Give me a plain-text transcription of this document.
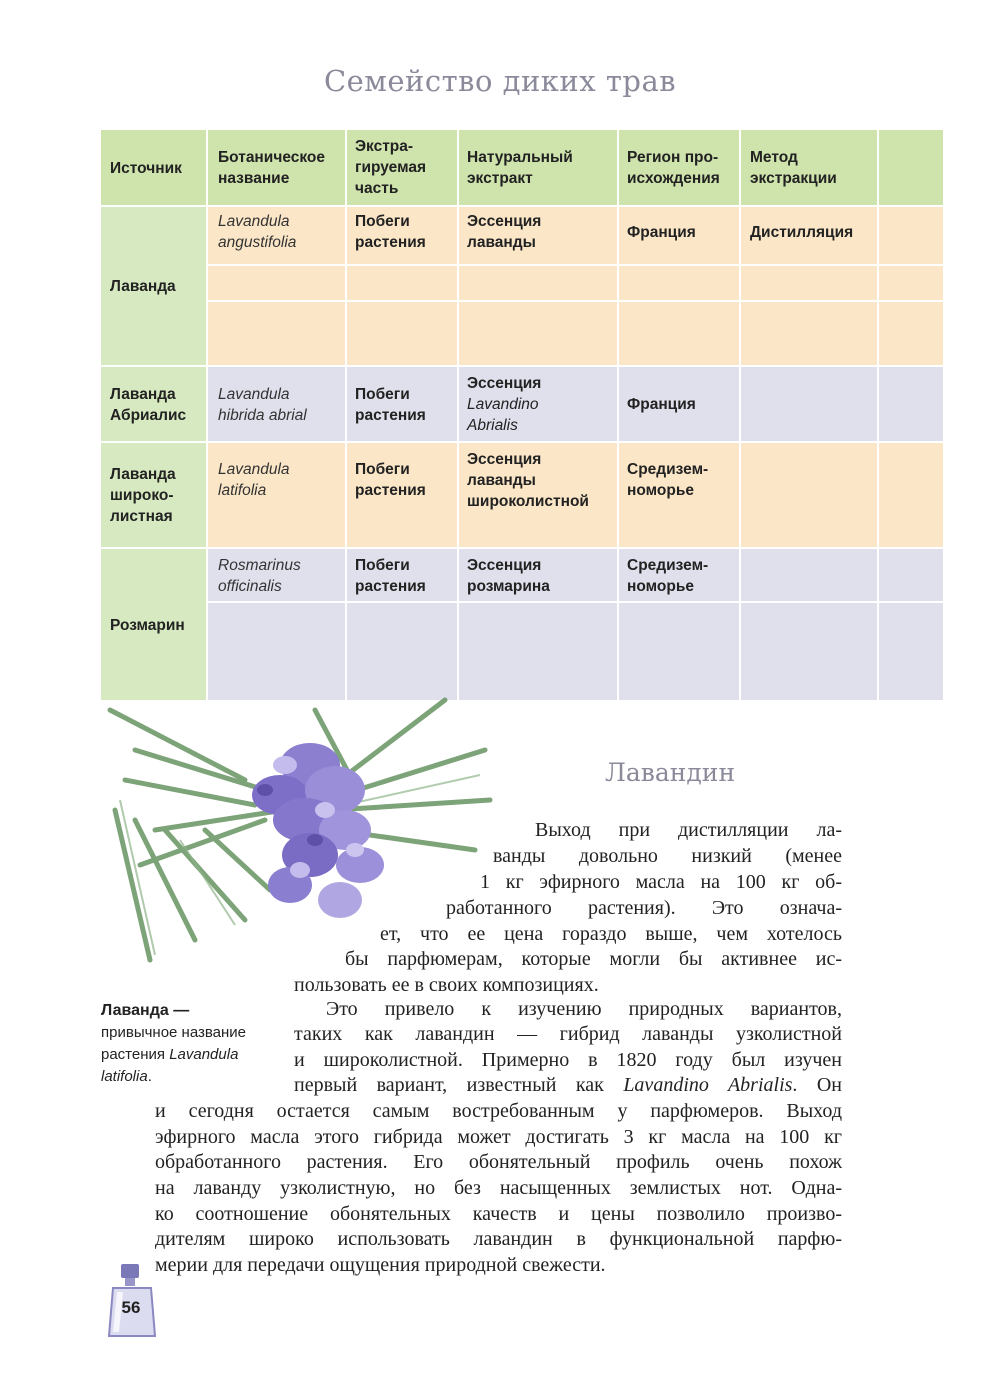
Семейство диких трав
Источник
Ботаническое
название
Экстра-
гируемая
часть
Натуральный
экстракт
Регион про-
исхождения
Метод
экстракции
Лаванда
Lavandula
angustifolia
Побеги
растения
Эссенция
лаванды
Франция	Дистилляция
Лаванда
Абриалис
Lavandula
hibrida abrial
Побеги
растения
Эссенция
Lavandino
Abrialis
Франция
Лаванда
широко-
листная
Lavandula
latifolia
Побеги
растения
Эссенция
лаванды
широколистной
Средизем-
номорье
Розмарин
Rosmarinus
officinalis
Побеги
растения
Эссенция
розмарина
Средизем-
номорье
Лаванда —
привычное название растения Lavandula latifolia.
Лавандин
Выход при дистилляции ла-
ванды довольно низкий (менее
1 кг эфирного масла на 100 кг об-
работанного растения). Это означа-
ет, что ее цена гораздо выше, чем хотелось
бы парфюмерам, которые могли бы активнее ис-
пользовать ее в своих композициях.
Это привело к изучению природных вариантов,
таких как лавандин — гибрид лаванды узколистной
и широколистной. Примерно в 1820 году был изучен
первый вариант, известный как Lavandino Abrialis. Он
и сегодня остается самым востребованным у парфюмеров. Выход
эфирного масла этого гибрида может достигать 3 кг масла на 100 кг
обработанного растения. Его обонятельный профиль очень похож
на лаванду узколистную, но без насыщенных землистых нот. Одна-
ко соотношение обонятельных качеств и цены позволило произво-
дителям широко использовать лавандин в функциональной парфю-
мерии для передачи ощущения природной свежести.
56
